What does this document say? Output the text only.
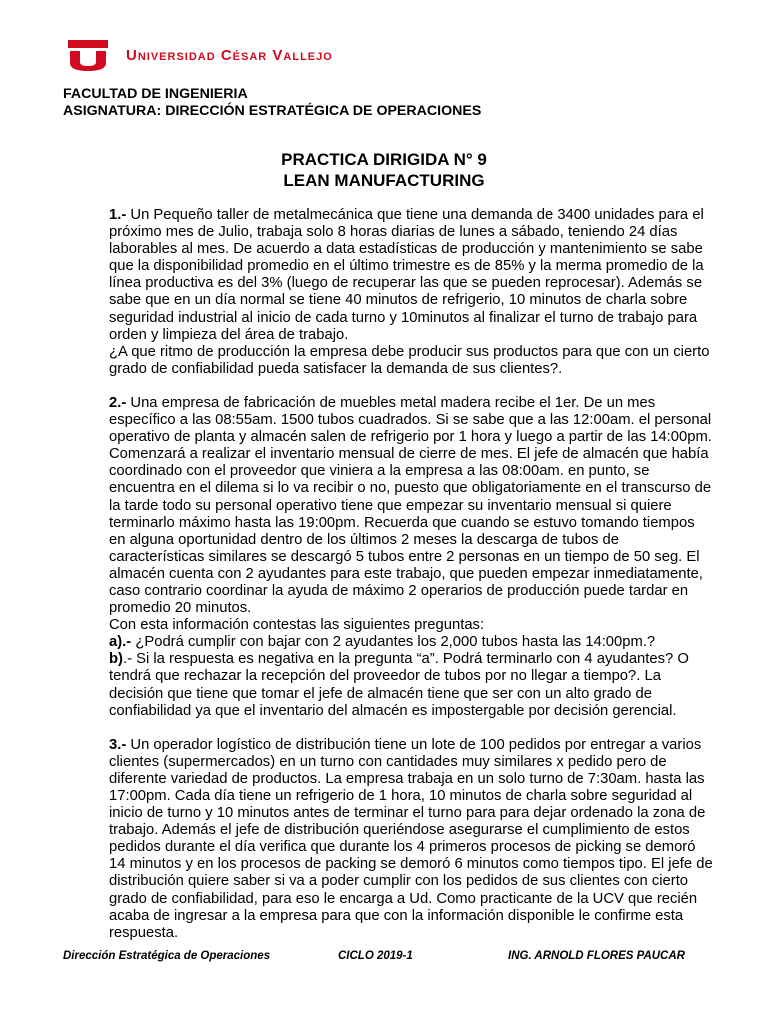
Universidad César Vallejo
FACULTAD DE INGENIERIA
ASIGNATURA: DIRECCIÓN ESTRATÉGICA DE OPERACIONES
PRACTICA DIRIGIDA N° 9
LEAN MANUFACTURING

1.- Un Pequeño taller de metalmecánica que tiene una demanda de 3400 unidades para el próximo mes de Julio, trabaja solo 8 horas diarias de lunes a sábado, teniendo 24 días laborables al mes. De acuerdo a data estadísticas de producción y mantenimiento se sabe que la disponibilidad promedio en el último trimestre es de 85% y la merma promedio de la línea productiva es del 3% (luego de recuperar las que se pueden reprocesar). Además se sabe que en un día normal se tiene 40 minutos de refrigerio, 10 minutos de charla sobre seguridad industrial al inicio de cada turno y 10minutos al finalizar el turno de trabajo para orden y limpieza del área de trabajo.

¿A que ritmo de producción la empresa debe producir sus productos para que con un cierto grado de confiabilidad pueda satisfacer la demanda de sus clientes?.

2.- Una empresa de fabricación de muebles metal madera recibe el 1er. De un mes específico a las 08:55am. 1500 tubos cuadrados. Si se sabe que a las 12:00am. el personal operativo de planta y almacén salen de refrigerio por 1 hora y luego a partir de las 14:00pm. Comenzará a realizar el inventario mensual de cierre de mes. El jefe de almacén que había coordinado con el proveedor que viniera a la empresa a las 08:00am. en punto, se encuentra en el dilema si lo va recibir o no, puesto que obligatoriamente en el transcurso de la tarde todo su personal operativo tiene que empezar su inventario mensual si quiere terminarlo máximo hasta las 19:00pm. Recuerda que cuando se estuvo tomando tiempos en alguna oportunidad dentro de los últimos 2 meses la descarga de tubos de características similares se descargó 5 tubos entre 2 personas en un tiempo de 50 seg. El almacén cuenta con 2 ayudantes para este trabajo, que pueden empezar inmediatamente, caso contrario coordinar la ayuda de máximo 2 operarios de producción puede tardar en promedio 20 minutos.

Con esta información contestas las siguientes preguntas:

a).- ¿Podrá cumplir con bajar con 2 ayudantes los 2,000 tubos hasta las 14:00pm.?

b).- Si la respuesta es negativa en la pregunta “a”. Podrá terminarlo con 4 ayudantes? O tendrá que rechazar la recepción del proveedor de tubos por no llegar a tiempo?. La decisión que tiene que tomar el jefe de almacén tiene que ser con un alto grado de confiabilidad ya que el inventario del almacén es impostergable por decisión gerencial.

3.- Un operador logístico de distribución tiene un lote de 100 pedidos por entregar a varios clientes (supermercados) en un turno con cantidades muy similares x pedido pero de diferente variedad de productos. La empresa trabaja en un solo turno de 7:30am. hasta las 17:00pm. Cada día tiene un refrigerio de 1 hora, 10 minutos de charla sobre seguridad al inicio de turno y 10 minutos antes de terminar el turno para para dejar ordenado la zona de trabajo. Además el jefe de distribución queriéndose asegurarse el cumplimiento de estos pedidos durante el día verifica que durante los 4 primeros procesos de picking se demoró 14 minutos y en los procesos de packing se demoró 6 minutos como tiempos tipo. El jefe de distribución quiere saber si va a poder cumplir con los pedidos de sus clientes con cierto grado de confiabilidad, para eso le encarga a Ud. Como practicante de la UCV que recién acaba de ingresar a la empresa para que con la información disponible le confirme esta respuesta.

Dirección Estratégica de Operaciones	CICLO 2019-1	ING. ARNOLD FLORES PAUCAR
